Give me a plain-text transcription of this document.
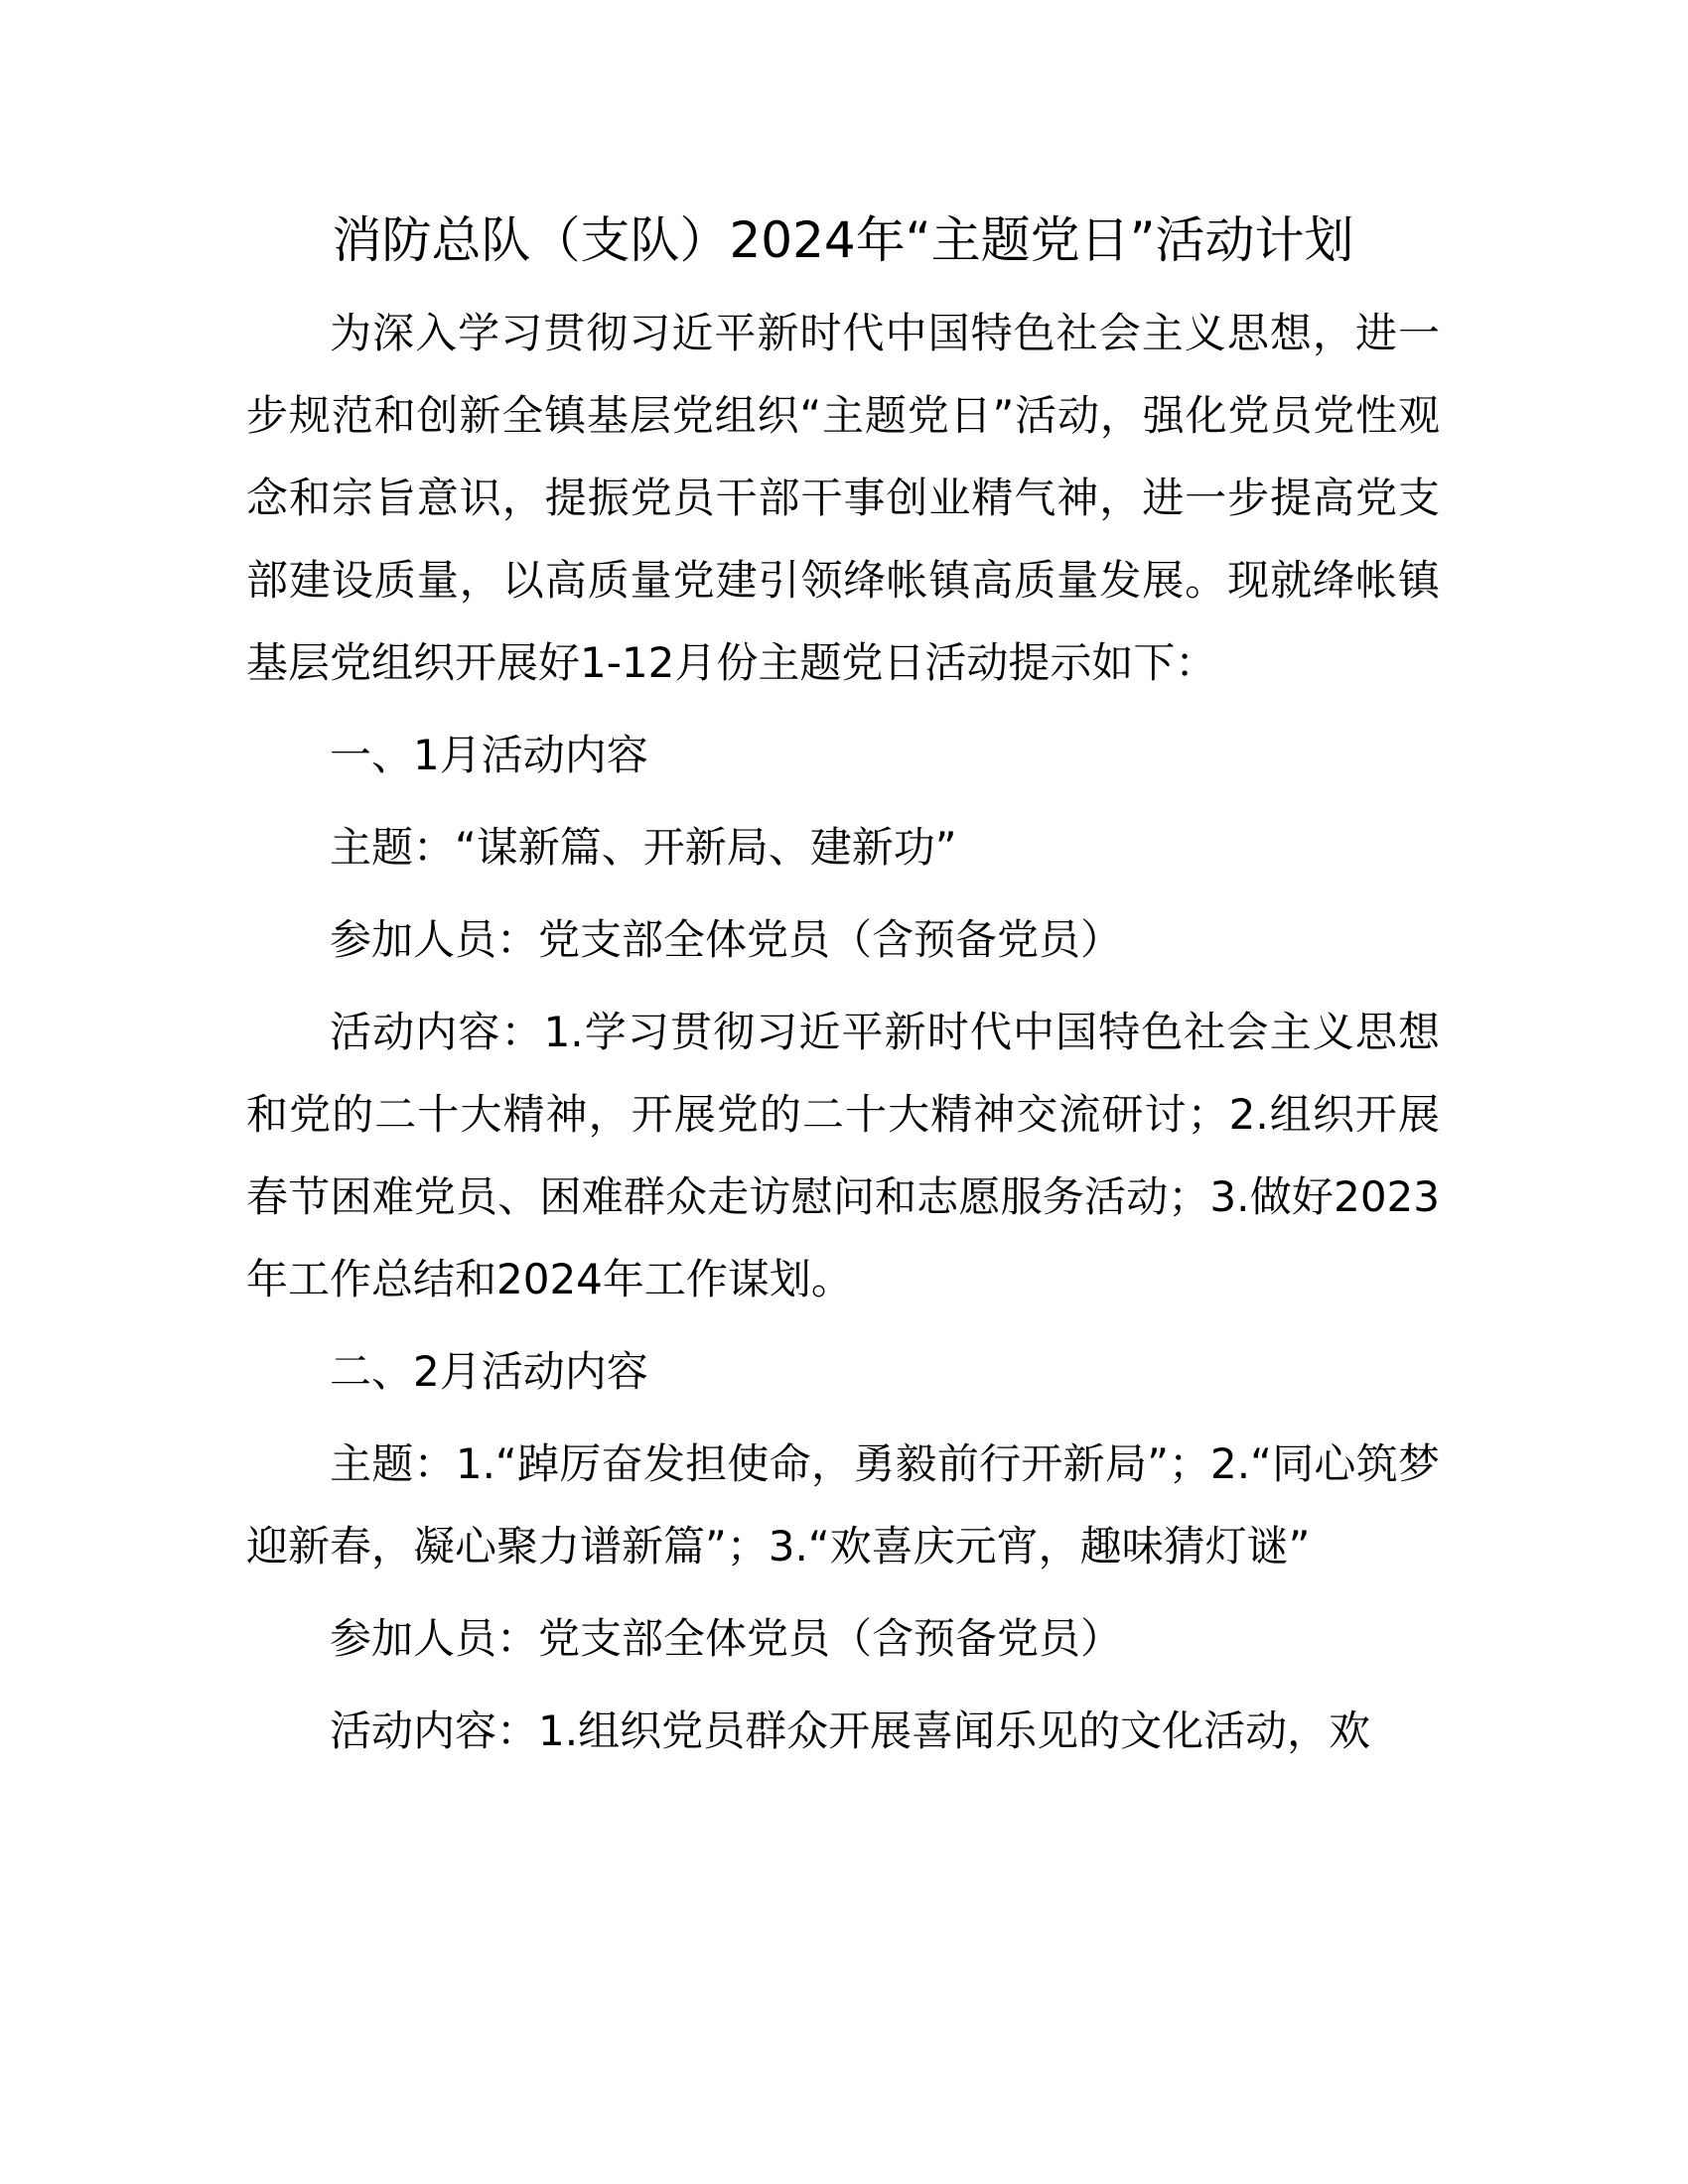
消防总队（支队）2024年“主题党日”活动计划

为深入学习贯彻习近平新时代中国特色社会主义思想，进一步规范和创新全镇基层党组织“主题党日”活动，强化党员党性观念和宗旨意识，提振党员干部干事创业精气神，进一步提高党支部建设质量，以高质量党建引领绛帐镇高质量发展。现就绛帐镇基层党组织开展好1-12月份主题党日活动提示如下：

一、1月活动内容

主题：“谋新篇、开新局、建新功”

参加人员：党支部全体党员（含预备党员）

活动内容：1.学习贯彻习近平新时代中国特色社会主义思想和党的二十大精神，开展党的二十大精神交流研讨；2.组织开展春节困难党员、困难群众走访慰问和志愿服务活动；3.做好2023年工作总结和2024年工作谋划。

二、2月活动内容

主题：1.“踔厉奋发担使命，勇毅前行开新局”；2.“同心筑梦迎新春，凝心聚力谱新篇”；3.“欢喜庆元宵，趣味猜灯谜”

参加人员：党支部全体党员（含预备党员）

活动内容：1.组织党员群众开展喜闻乐见的文化活动，欢
